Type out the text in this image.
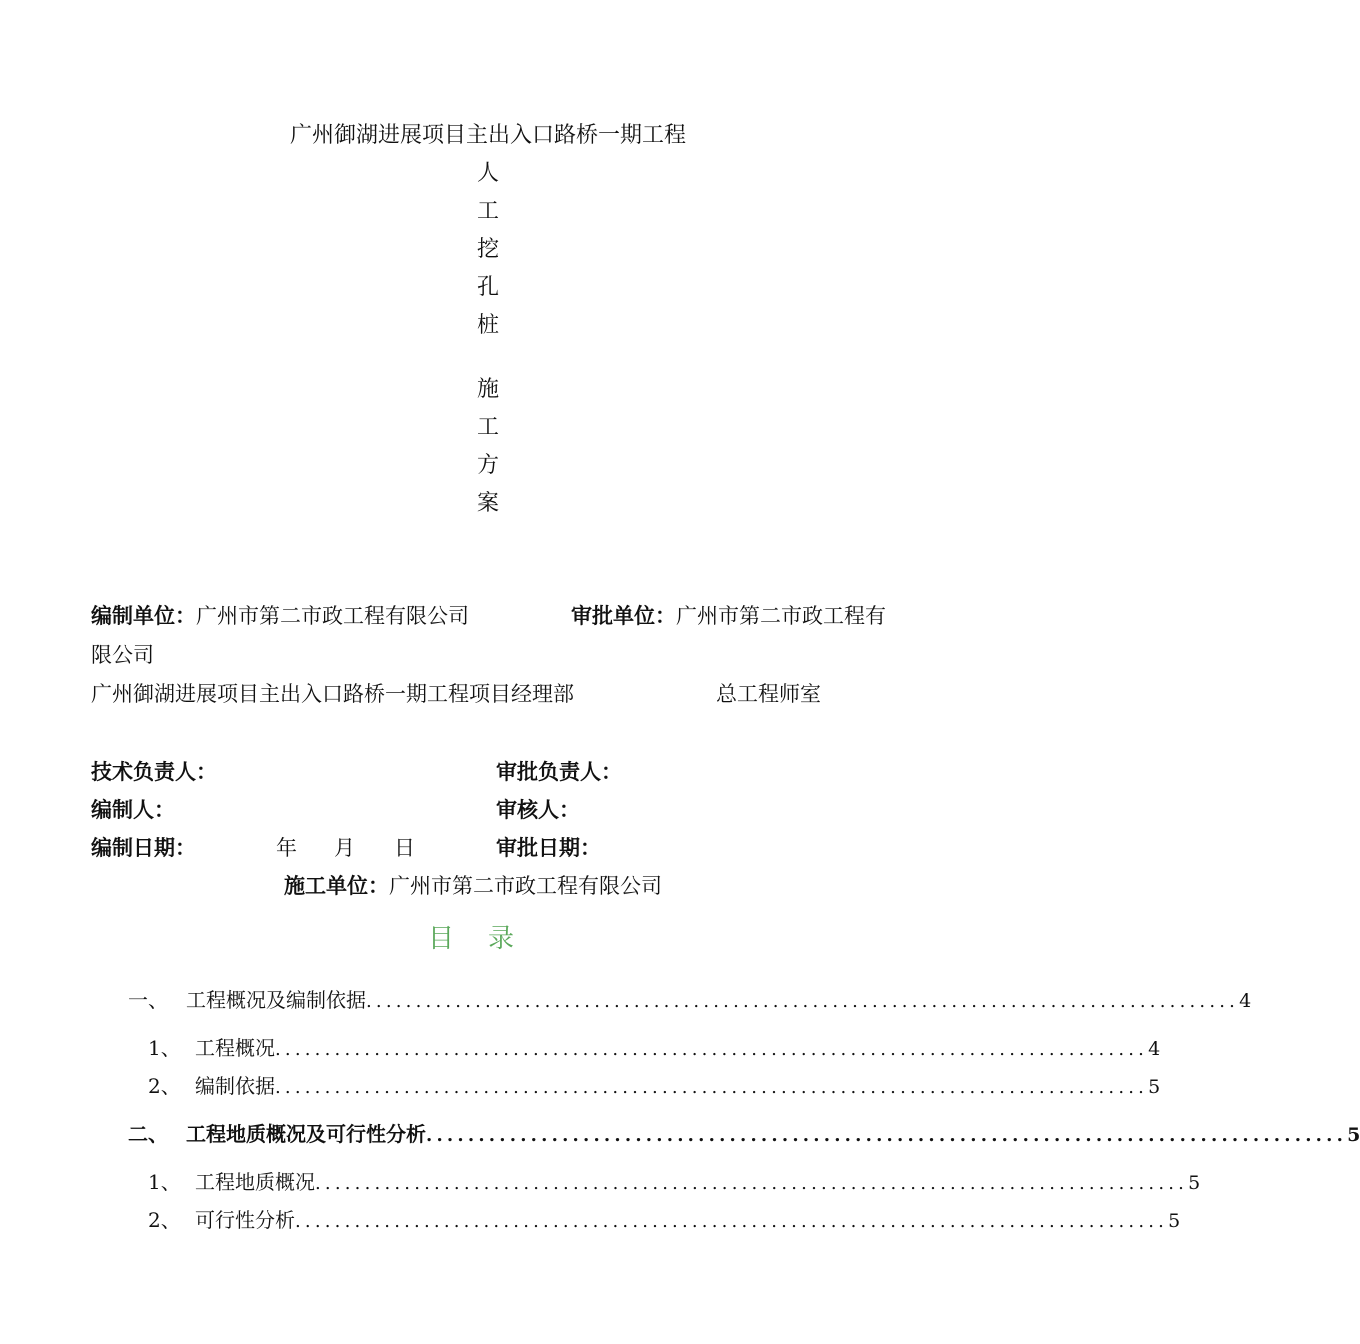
广州御湖进展项目主出入口路桥一期工程
人
工
挖
孔
桩
施
工
方
案
编制单位：广州市第二市政工程有限公司	审批单位：广州市第二市政工程有
限公司
广州御湖进展项目主出入口路桥一期工程项目经理部	总工程师室
技术负责人：	审批负责人：
编制人：	审核人：
编制日期：	年 月 日	审批日期：
施工单位：广州市第二市政工程有限公司
目录
一、 工程概况及编制依据 ........................................................................................ 4
1、 工程概况 ........................................................................................ 4
2、 编制依据 ........................................................................................ 5
二、 工程地质概况及可行性分析 ........................................................................................ 5
1、 工程地质概况 ........................................................................................ 5
2、 可行性分析 ........................................................................................ 5
